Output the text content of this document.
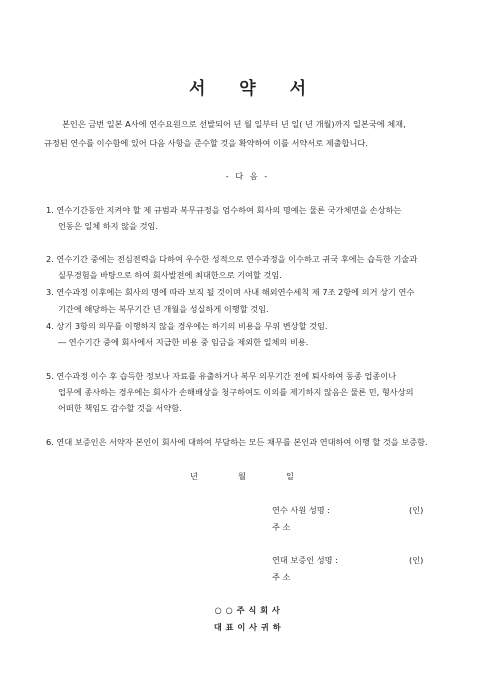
서 약 서
본인은 금번 일본 A사에 연수요원으로 선발되어 년 월 일부터 년 일( 년 개월)까지 일본국에 체재,
규정된 연수를 이수함에 있어 다음 사항을 준수할 것을 확약하여 이를 서약서로 제출합니다.
- 다 음 -
1. 연수기간동안 지켜야 할 제 규범과 복무규정을 엄수하여 회사의 명예는 물론 국가체면을 손상하는
언동은 일체 하지 않을 것임.
2. 연수기간 중에는 전심전력을 다하여 우수한 성적으로 연수과정을 이수하고 귀국 후에는 습득한 기술과
실무경험을 바탕으로 하여 회사발전에 최대한으로 기여할 것임.
3. 연수과정 이후에는 회사의 명에 따라 보직 될 것이며 사내 해외연수세칙 제 7조 2항에 의거 상기 연수
기간에 해당하는 복무기간 년 개월을 성실하게 이행할 것임.
4. 상기 3항의 의무를 이행하지 않을 경우에는 하기의 비용을 무위 변상할 것임.
― 연수기간 중에 회사에서 지급한 비용 중 임금을 제외한 일체의 비용.
5. 연수과정 이수 후 습득한 정보나 자료를 유출하거나 복무 의무기간 전에 퇴사하여 동종 업종이나
업무에 종사하는 경우에는 회사가 손해배상을 청구하여도 이의를 제기하지 않음은 물론 민, 형사상의
어떠한 책임도 감수할 것을 서약함.
6. 연대 보증인은 서약자 본인이 회사에 대하여 부담하는 모든 채무를 본인과 연대하여 이행 할 것을 보증함.
년	월	일
연수 사원 성명 :	(인)
주 소
연대 보증인 성명 :	(인)
주 소
○ ○ 주 식 회 사
대 표 이 사 귀 하
